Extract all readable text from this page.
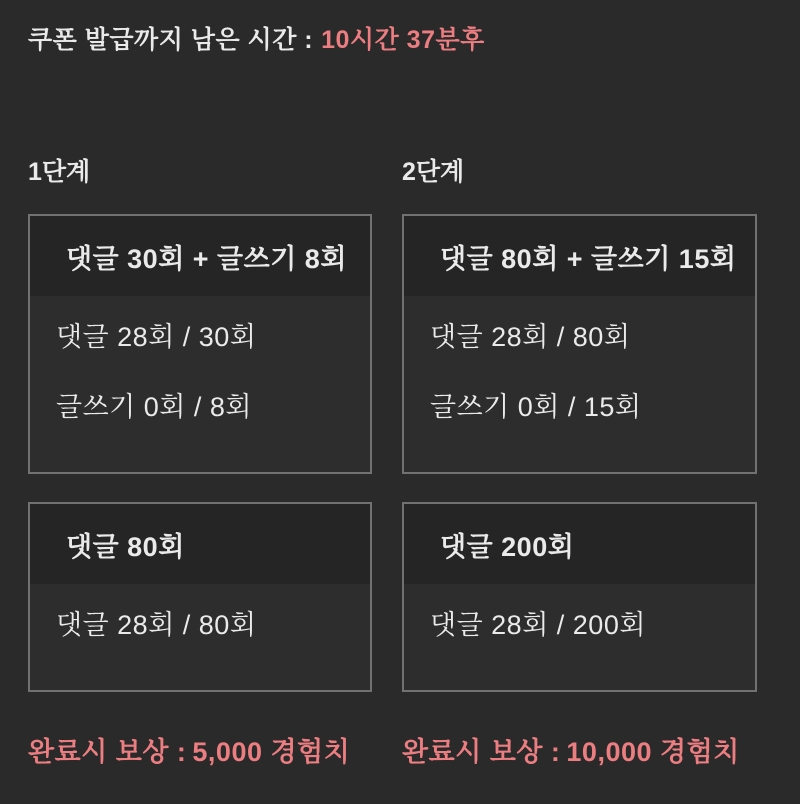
쿠폰 발급까지 남은 시간 : 10시간 37분후
1단계
댓글 30회 + 글쓰기 8회
댓글 28회 / 30회
글쓰기 0회 / 8회
댓글 80회
댓글 28회 / 80회
완료시 보상 : 5,000 경험치
2단계
댓글 80회 + 글쓰기 15회
댓글 28회 / 80회
글쓰기 0회 / 15회
댓글 200회
댓글 28회 / 200회
완료시 보상 : 10,000 경험치
